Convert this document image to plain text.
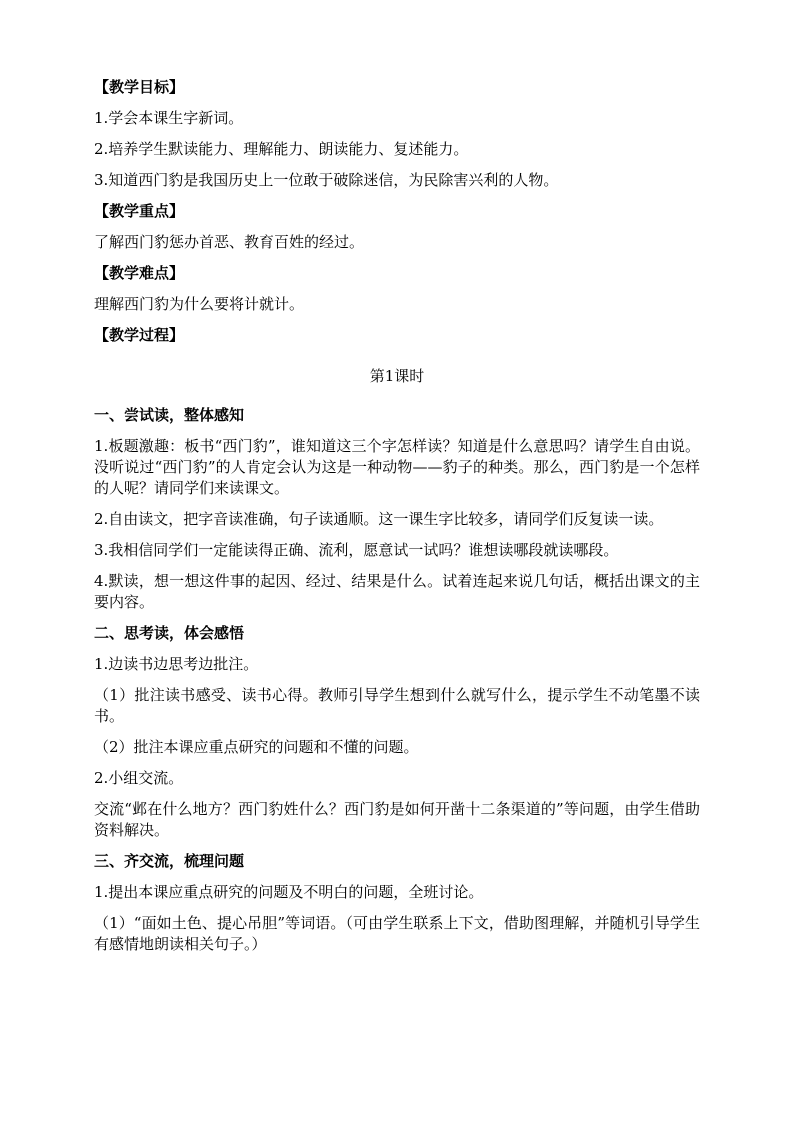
【教学目标】
1.学会本课生字新词。
2.培养学生默读能力、理解能力、朗读能力、复述能力。
3.知道西门豹是我国历史上一位敢于破除迷信，为民除害兴利的人物。
【教学重点】
了解西门豹惩办首恶、教育百姓的经过。
【教学难点】
理解西门豹为什么要将计就计。
【教学过程】
第1课时
一、尝试读，整体感知
1.板题激趣：板书“西门豹”，谁知道这三个字怎样读？知道是什么意思吗？请学生自由说。没听说过“西门豹”的人肯定会认为这是一种动物——豹子的种类。那么，西门豹是一个怎样的人呢？请同学们来读课文。
2.自由读文，把字音读准确，句子读通顺。这一课生字比较多，请同学们反复读一读。
3.我相信同学们一定能读得正确、流利，愿意试一试吗？谁想读哪段就读哪段。
4.默读，想一想这件事的起因、经过、结果是什么。试着连起来说几句话，概括出课文的主要内容。
二、思考读，体会感悟
1.边读书边思考边批注。
（1）批注读书感受、读书心得。教师引导学生想到什么就写什么，提示学生不动笔墨不读书。
（2）批注本课应重点研究的问题和不懂的问题。
2.小组交流。
交流“邺在什么地方？西门豹姓什么？西门豹是如何开凿十二条渠道的”等问题，由学生借助资料解决。
三、齐交流，梳理问题
1.提出本课应重点研究的问题及不明白的问题，全班讨论。
（1）“面如土色、提心吊胆”等词语。（可由学生联系上下文，借助图理解，并随机引导学生有感情地朗读相关句子。）
